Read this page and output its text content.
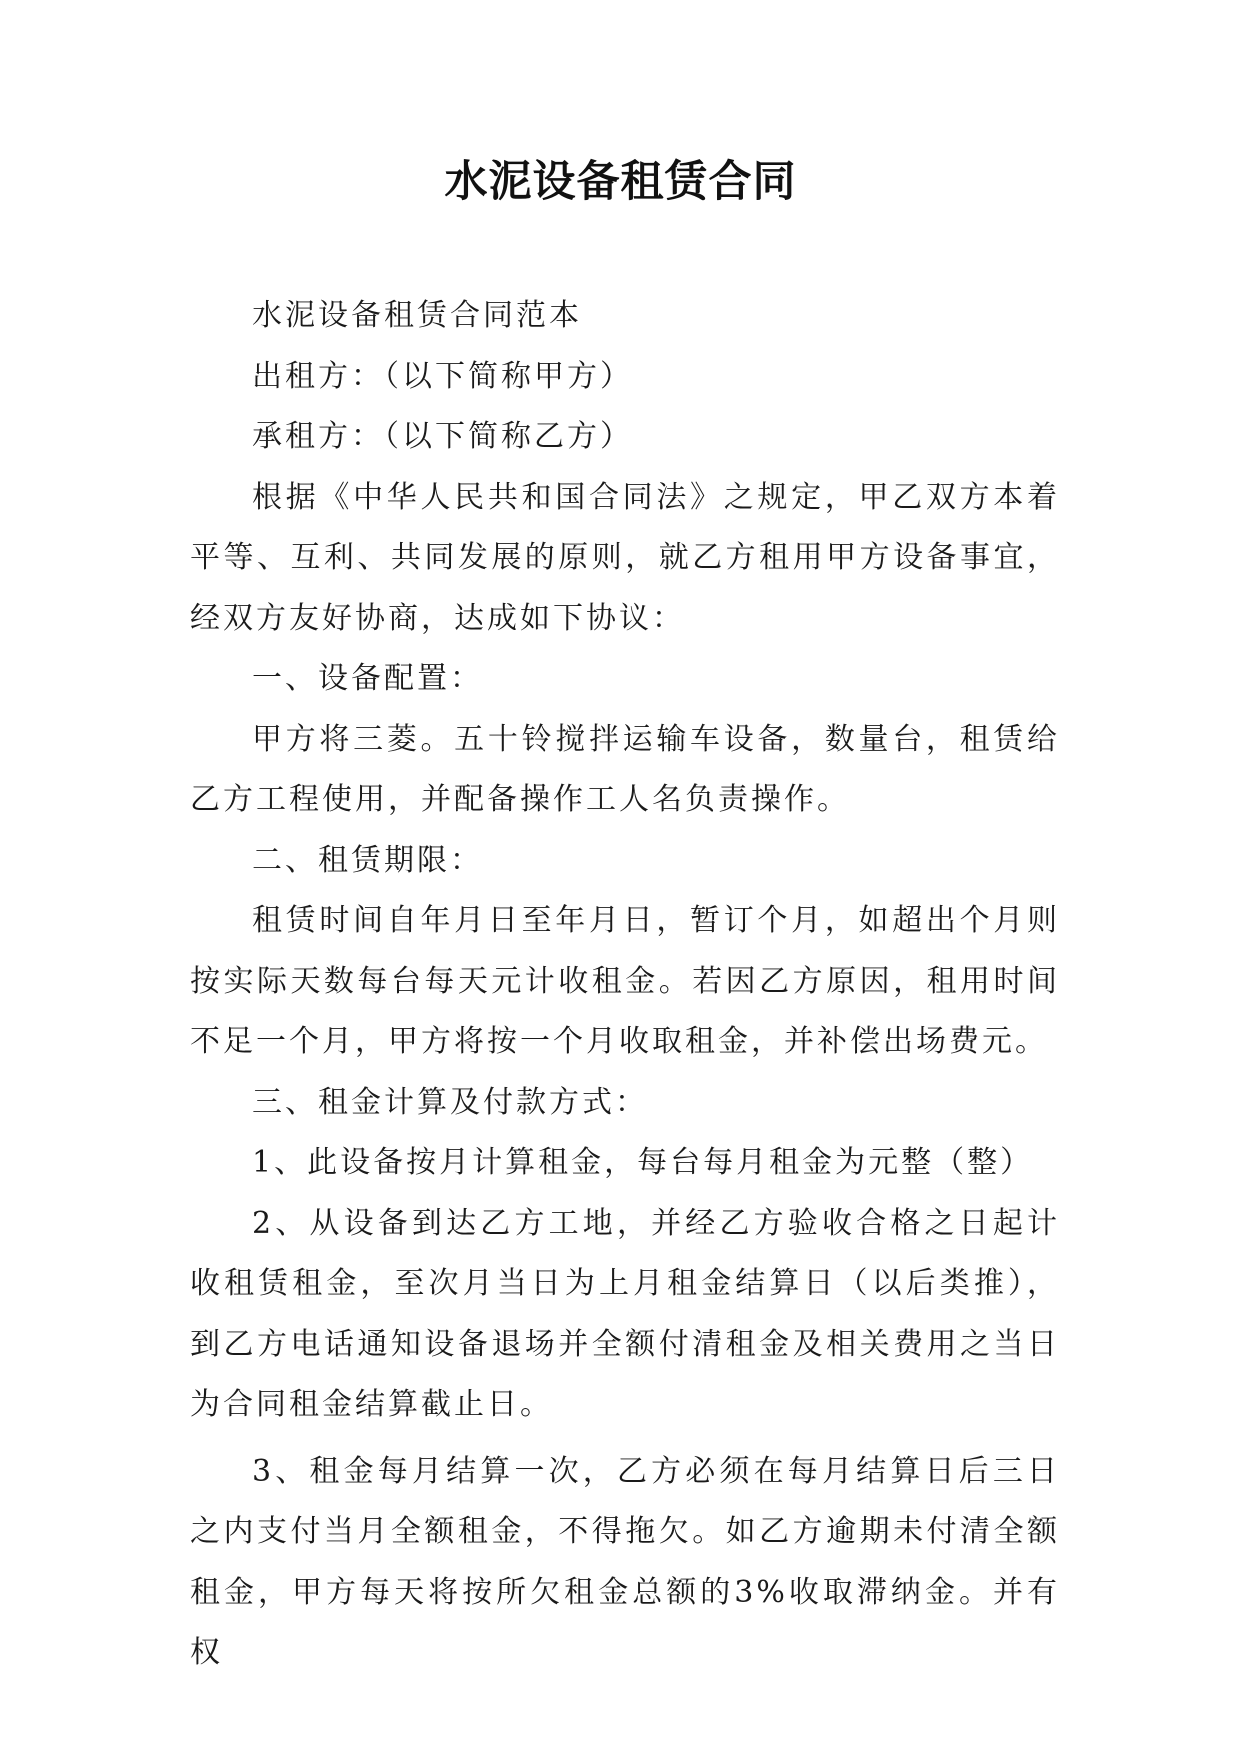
水泥设备租赁合同

水泥设备租赁合同范本

出租方：（以下简称甲方）

承租方：（以下简称乙方）

根据《中华人民共和国合同法》之规定，甲乙双方本着平等、互利、共同发展的原则，就乙方租用甲方设备事宜，经双方友好协商，达成如下协议：

一、设备配置：

甲方将三菱。五十铃搅拌运输车设备，数量台，租赁给乙方工程使用，并配备操作工人名负责操作。

二、租赁期限：

租赁时间自年月日至年月日，暂订个月，如超出个月则按实际天数每台每天元计收租金。若因乙方原因，租用时间不足一个月，甲方将按一个月收取租金，并补偿出场费元。

三、租金计算及付款方式：

1、此设备按月计算租金，每台每月租金为元整（整）

2、从设备到达乙方工地，并经乙方验收合格之日起计收租赁租金，至次月当日为上月租金结算日（以后类推），到乙方电话通知设备退场并全额付清租金及相关费用之当日为合同租金结算截止日。

3、租金每月结算一次，乙方必须在每月结算日后三日之内支付当月全额租金，不得拖欠。如乙方逾期未付清全额租金，甲方每天将按所欠租金总额的3%收取滞纳金。并有权
